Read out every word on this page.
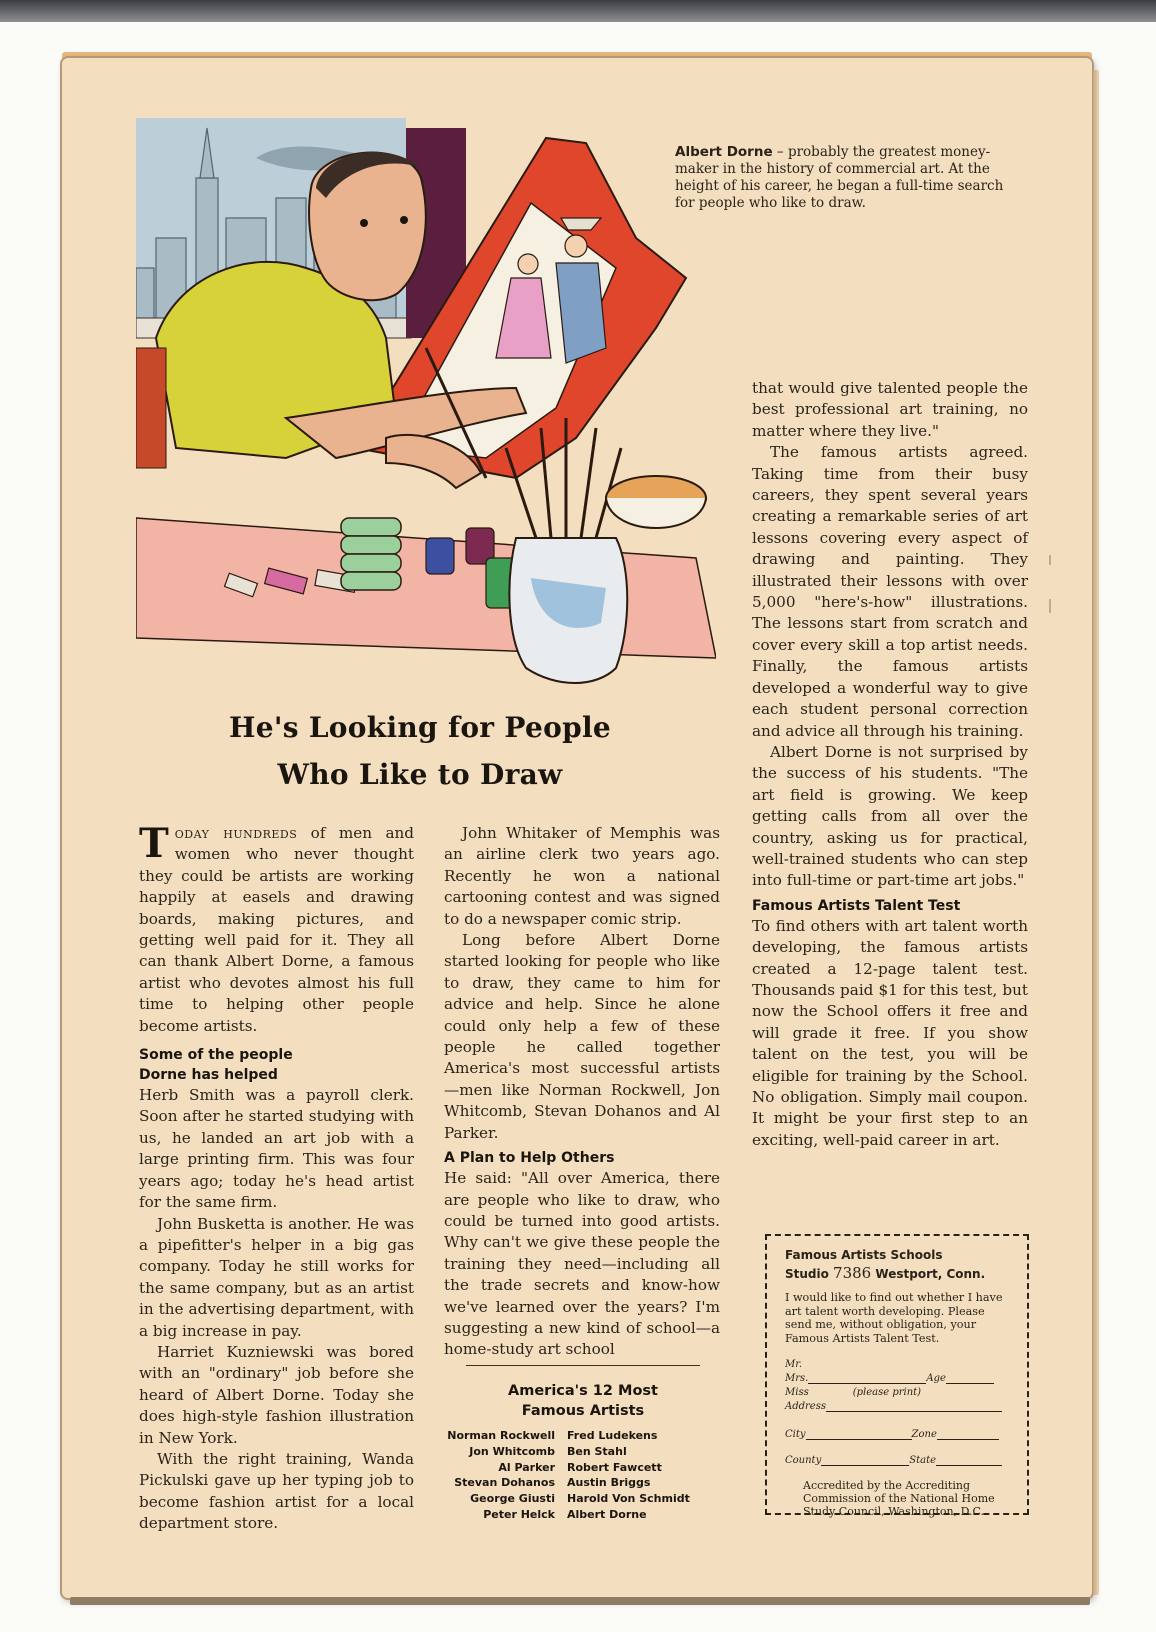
Albert Dorne – probably the greatest money-maker in the history of commercial art. At the height of his career, he began a full-time search for people who like to draw.
He's Looking for People
Who Like to Draw

Today hundreds of men and women who never thought they could be artists are working happily at easels and drawing boards, making pictures, and getting well paid for it. They all can thank Albert Dorne, a famous artist who devotes almost his full time to helping other people become artists.

Some of the people
Dorne has helped

Herb Smith was a payroll clerk. Soon after he started studying with us, he landed an art job with a large printing firm. This was four years ago; today he's head artist for the same firm.

John Busketta is another. He was a pipefitter's helper in a big gas company. Today he still works for the same company, but as an artist in the advertising department, with a big increase in pay.

Harriet Kuzniewski was bored with an "ordinary" job before she heard of Albert Dorne. Today she does high-style fashion illustration in New York.

With the right training, Wanda Pickulski gave up her typing job to become fashion artist for a local department store.

John Whitaker of Memphis was an airline clerk two years ago. Recently he won a national cartooning contest and was signed to do a newspaper comic strip.

Long before Albert Dorne started looking for people who like to draw, they came to him for advice and help. Since he alone could only help a few of these people he called together America's most successful artists —men like Norman Rockwell, Jon Whitcomb, Stevan Dohanos and Al Parker.

A Plan to Help Others

He said: "All over America, there are people who like to draw, who could be turned into good artists. Why can't we give these people the training they need—including all the trade secrets and know-how we've learned over the years? I'm suggesting a new kind of school—a home-study art school

that would give talented people the best professional art training, no matter where they live."

The famous artists agreed. Taking time from their busy careers, they spent several years creating a remarkable series of art lessons covering every aspect of drawing and painting. They illustrated their lessons with over 5,000 "here's-how" illustrations. The lessons start from scratch and cover every skill a top artist needs. Finally, the famous artists developed a wonderful way to give each student personal correction and advice all through his training.

Albert Dorne is not surprised by the success of his students. "The art field is growing. We keep getting calls from all over the country, asking us for practical, well-trained students who can step into full-time or part-time art jobs."

Famous Artists Talent Test

To find others with art talent worth developing, the famous artists created a 12-page talent test. Thousands paid $1 for this test, but now the School offers it free and will grade it free. If you show talent on the test, you will be eligible for training by the School. No obligation. Simply mail coupon. It might be your first step to an exciting, well-paid career in art.

America's 12 Most
Famous Artists
Norman Rockwell	Fred Ludekens
Jon Whitcomb	Ben Stahl
Al Parker	Robert Fawcett
Stevan Dohanos	Austin Briggs
George Giusti	Harold Von Schmidt
Peter Helck	Albert Dorne
Famous Artists Schools
Studio 7386 Westport, Conn.
I would like to find out whether I have art talent worth developing. Please send me, without obligation, your Famous Artists Talent Test.
Mr.
Mrs.	Age
Miss	(please print)
Address
City	Zone
County	State
Accredited by the Accrediting Commission of the National Home Study Council, Washington, D.C.
